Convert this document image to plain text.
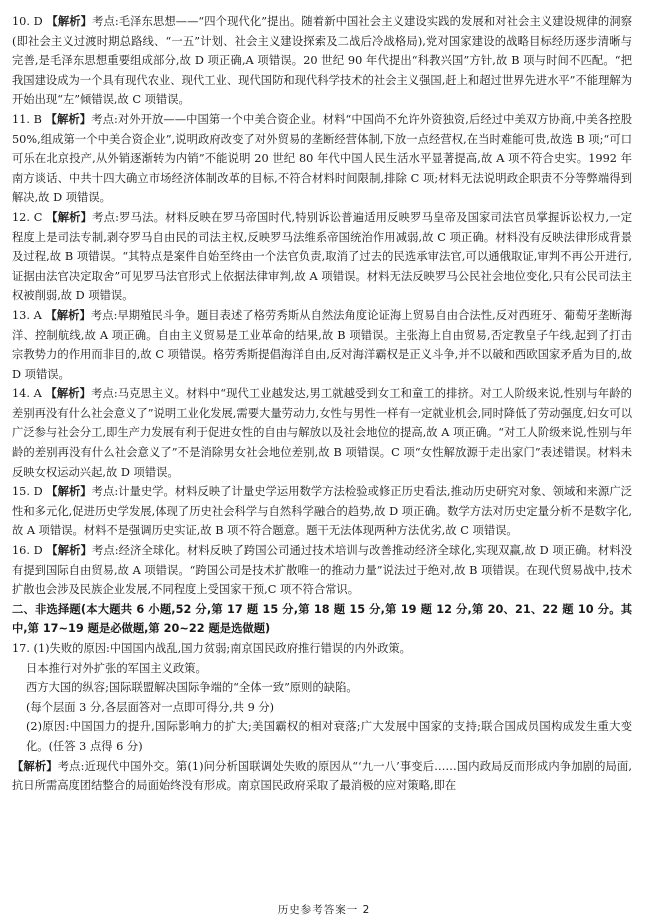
10. D 【解析】考点:毛泽东思想——“四个现代化”提出。随着新中国社会主义建设实践的发展和对社会主义建设规律的洞察(即社会主义过渡时期总路线、“一五”计划、社会主义建设探索及二战后冷战格局),党对国家建设的战略目标经历逐步清晰与完善,是毛泽东思想重要组成部分,故 D 项正确,A 项错误。20 世纪 90 年代提出“科教兴国”方针,故 B 项与时间不匹配。“把我国建设成为一个具有现代农业、现代工业、现代国防和现代科学技术的社会主义强国,赶上和超过世界先进水平”不能理解为开始出现“左”倾错误,故 C 项错误。

11. B 【解析】考点:对外开放——中国第一个中美合资企业。材料“中国尚不允许外资独资,后经过中美双方协商,中美各控股 50%,组成第一个中美合资企业”,说明政府改变了对外贸易的垄断经营体制,下放一点经营权,在当时难能可贵,故选 B 项;“可口可乐在北京投产,从外销逐渐转为内销”不能说明 20 世纪 80 年代中国人民生活水平显著提高,故 A 项不符合史实。1992 年南方谈话、中共十四大确立市场经济体制改革的目标,不符合材料时间限制,排除 C 项;材料无法说明政企职责不分等弊端得到解决,故 D 项错误。

12. C 【解析】考点:罗马法。材料反映在罗马帝国时代,特别诉讼普遍适用反映罗马皇帝及国家司法官员掌握诉讼权力,一定程度上是司法专制,剥夺罗马自由民的司法主权,反映罗马法维系帝国统治作用减弱,故 C 项正确。材料没有反映法律形成背景及过程,故 B 项错误。“其特点是案件自始至终由一个法官负责,取消了过去的民选承审法官,可以通俄取证,审判不再公开进行,证据由法官决定取舍”可见罗马法官形式上依据法律审判,故 A 项错误。材料无法反映罗马公民社会地位变化,只有公民司法主权被削弱,故 D 项错误。

13. A 【解析】考点:早期殖民斗争。题目表述了格劳秀斯从自然法角度论证海上贸易自由合法性,反对西班牙、葡萄牙垄断海洋、控制航线,故 A 项正确。自由主义贸易是工业革命的结果,故 B 项错误。主张海上自由贸易,否定教皇子午线,起到了打击宗教势力的作用而非目的,故 C 项错误。格劳秀斯提倡海洋自由,反对海洋霸权是正义斗争,并不以破和西欧国家矛盾为目的,故 D 项错误。

14. A 【解析】考点:马克思主义。材料中“现代工业越发达,男工就越受到女工和童工的排挤。对工人阶级来说,性别与年龄的差别再没有什么社会意义了”说明工业化发展,需要大量劳动力,女性与男性一样有一定就业机会,同时降低了劳动强度,妇女可以广泛参与社会分工,即生产力发展有利于促进女性的自由与解放以及社会地位的提高,故 A 项正确。“对工人阶级来说,性别与年龄的差别再没有什么社会意义了”不是消除男女社会地位差别,故 B 项错误。C 项“女性解放源于走出家门”表述错误。材料未反映女权运动兴起,故 D 项错误。

15. D 【解析】考点:计量史学。材料反映了计量史学运用数学方法检验或修正历史看法,推动历史研究对象、领域和来源广泛性和多元化,促进历史学发展,体现了历史社会科学与自然科学融合的趋势,故 D 项正确。数学方法对历史定量分析不是数字化,故 A 项错误。材料不是强调历史实证,故 B 项不符合题意。题干无法体现两种方法优劣,故 C 项错误。

16. D 【解析】考点:经济全球化。材料反映了跨国公司通过技术培训与改善推动经济全球化,实现双赢,故 D 项正确。材料没有提到国际自由贸易,故 A 项错误。“跨国公司是技术扩散唯一的推动力量”说法过于绝对,故 B 项错误。在现代贸易战中,技术扩散也会涉及民族企业发展,不同程度上受国家干预,C 项不符合常识。

二、非选择题(本大题共 6 小题,52 分,第 17 题 15 分,第 18 题 15 分,第 19 题 12 分,第 20、21、22 题 10 分。其中,第 17~19 题是必做题,第 20~22 题是选做题)

17. (1)失败的原因:中国国内战乱,国力贫弱;南京国民政府推行错误的内外政策。

日本推行对外扩张的军国主义政策。

西方大国的纵容;国际联盟解决国际争端的“全体一致”原则的缺陷。

(每个层面 3 分,各层面答对一点即可得分,共 9 分)

(2)原因:中国国力的提升,国际影响力的扩大;美国霸权的相对衰落;广大发展中国家的支持;联合国成员国构成发生重大变化。(任答 3 点得 6 分)

【解析】考点:近现代中国外交。第(1)问分析国联调处失败的原因从“‘九一八’事变后……国内政局反而形成内争加剧的局面,抗日所需高度团结整合的局面始终没有形成。南京国民政府采取了最消极的应对策略,即在

历史参考答案一 2
